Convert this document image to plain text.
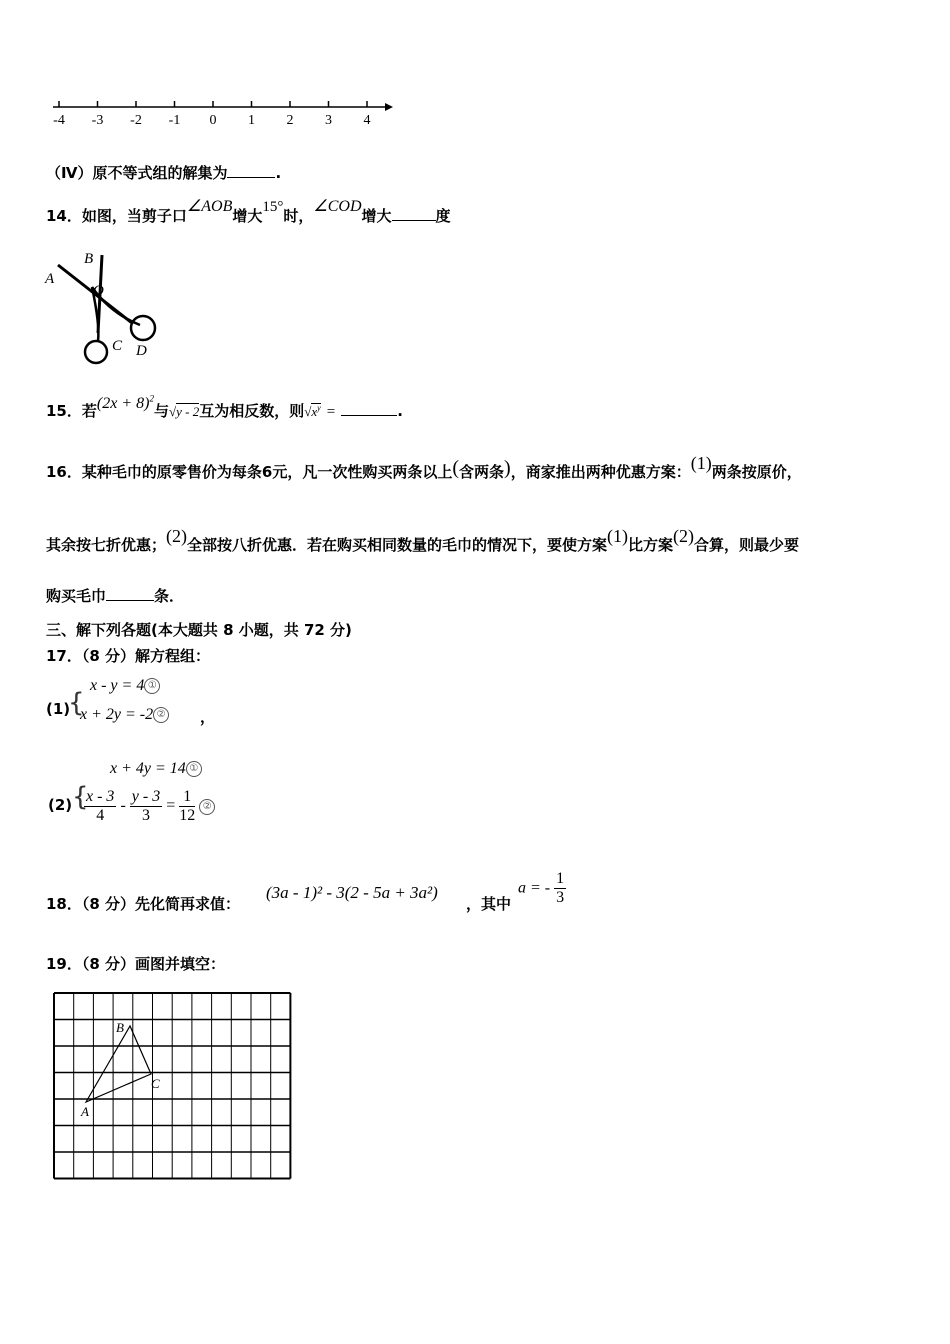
-4 -3 -2 -1 0 1 2 3 4
（Ⅳ）原不等式组的解集为	.
14．如图，当剪子口∠AOB增大15°时，∠COD增大	度
A
B
O
C D
15．若$(2x + 8)^2$与√y - 2互为相反数，则$√x^y$ =	.
16．某种毛巾的原零售价为每条6元，凡一次性购买两条以上(含两条)，商家推出两种优惠方案：(1)两条按原价，
其余按七折优惠；(2)全部按八折优惠．若在购买相同数量的毛巾的情况下，要使方案(1)比方案(2)合算，则最少要
购买毛巾	条．
三、解下列各题(本大题共 8 小题，共 72 分)
17．（8 分）解方程组：
(1)
{
x - y = 4 ①
x + 2y = -2 ② ，
x + 4y = 14 ①
(2) {
$\frac{x - 3}{4} - \frac{y - 3}{3} = \frac{1}{12}$ ②
18．（8 分）先化简再求值：
(3a - 1)² - 3(2 - 5a + 3a²)
，其中
a = - $\frac{1}{3}$
19．（8 分）画图并填空：
A
B
C
